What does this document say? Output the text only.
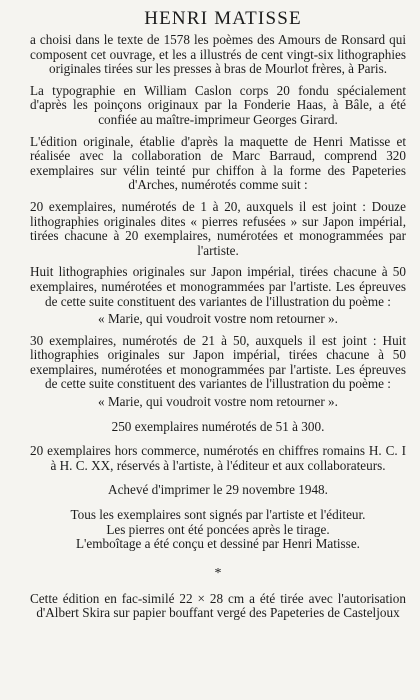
HENRI MATISSE

a choisi dans le texte de 1578 les poèmes des Amours de Ronsard qui composent cet ouvrage, et les a illustrés de cent vingt-six lithographies originales tirées sur les presses à bras de Mourlot frères, à Paris.

La typographie en William Caslon corps 20 fondu spécialement d'après les poinçons originaux par la Fonderie Haas, à Bâle, a été confiée au maître-imprimeur Georges Girard.

L'édition originale, établie d'après la maquette de Henri Matisse et réalisée avec la collaboration de Marc Barraud, comprend 320 exemplaires sur vélin teinté pur chiffon à la forme des Papeteries d'Arches, numérotés comme suit :

20 exemplaires, numérotés de 1 à 20, auxquels il est joint : Douze lithographies originales dites « pierres refusées » sur Japon impérial, tirées chacune à 20 exemplaires, numérotées et monogrammées par l'artiste.

Huit lithographies originales sur Japon impérial, tirées chacune à 50 exemplaires, numérotées et monogrammées par l'artiste. Les épreuves de cette suite constituent des variantes de l'illustration du poème :

« Marie, qui voudroit vostre nom retourner ».

30 exemplaires, numérotés de 21 à 50, auxquels il est joint : Huit lithographies originales sur Japon impérial, tirées chacune à 50 exemplaires, numérotées et monogrammées par l'artiste. Les épreuves de cette suite constituent des variantes de l'illustration du poème :

« Marie, qui voudroit vostre nom retourner ».

250 exemplaires numérotés de 51 à 300.

20 exemplaires hors commerce, numérotés en chiffres romains H. C. I à H. C. XX, réservés à l'artiste, à l'éditeur et aux collaborateurs.

Achevé d'imprimer le 29 novembre 1948.

Tous les exemplaires sont signés par l'artiste et l'éditeur.

Les pierres ont été poncées après le tirage.

L'emboîtage a été conçu et dessiné par Henri Matisse.

*

Cette édition en fac-similé 22 × 28 cm a été tirée avec l'autorisation d'Albert Skira sur papier bouffant vergé des Papeteries de Casteljoux
